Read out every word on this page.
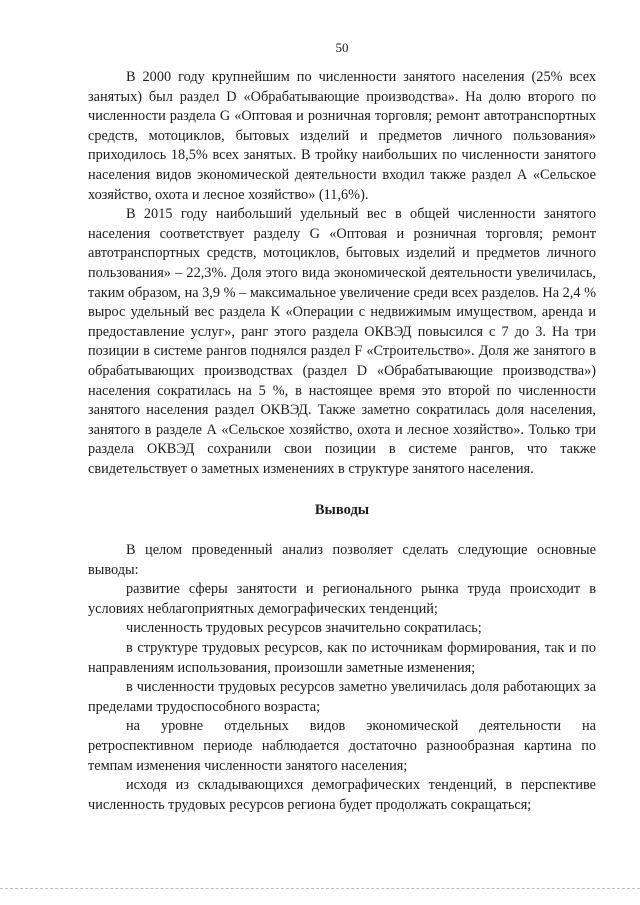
50

В 2000 году крупнейшим по численности занятого населения (25% всех занятых) был раздел D «Обрабатывающие производства». На долю второго по численности раздела G «Оптовая и розничная торговля; ремонт автотранспортных средств, мотоциклов, бытовых изделий и предметов личного пользования» приходилось 18,5% всех занятых. В тройку наибольших по численности занятого населения видов экономической деятельности входил также раздел А «Сельское хозяйство, охота и лесное хозяйство» (11,6%).

В 2015 году наибольший удельный вес в общей численности занятого населения соответствует разделу G «Оптовая и розничная торговля; ремонт автотранспортных средств, мотоциклов, бытовых изделий и предметов личного пользования» – 22,3%. Доля этого вида экономической деятельности увеличилась, таким образом, на 3,9 % – максимальное увеличение среди всех разделов. На 2,4 % вырос удельный вес раздела К «Операции с недвижимым имуществом, аренда и предоставление услуг», ранг этого раздела ОКВЭД повысился с 7 до 3. На три позиции в системе рангов поднялся раздел F «Строительство». Доля же занятого в обрабатывающих производствах (раздел D «Обрабатывающие производства») населения сократилась на 5 %, в настоящее время это второй по численности занятого населения раздел ОКВЭД. Также заметно сократилась доля населения, занятого в разделе А «Сельское хозяйство, охота и лесное хозяйство». Только три раздела ОКВЭД сохранили свои позиции в системе рангов, что также свидетельствует о заметных изменениях в структуре занятого населения.

Выводы

В целом проведенный анализ позволяет сделать следующие основные выводы:

развитие сферы занятости и регионального рынка труда происходит в условиях неблагоприятных демографических тенденций;

численность трудовых ресурсов значительно сократилась;

в структуре трудовых ресурсов, как по источникам формирования, так и по направлениям использования, произошли заметные изменения;

в численности трудовых ресурсов заметно увеличилась доля работающих за пределами трудоспособного возраста;

на уровне отдельных видов экономической деятельности на ретроспективном периоде наблюдается достаточно разнообразная картина по темпам изменения численности занятого населения;

исходя из складывающихся демографических тенденций, в перспективе численность трудовых ресурсов региона будет продолжать сокращаться;
